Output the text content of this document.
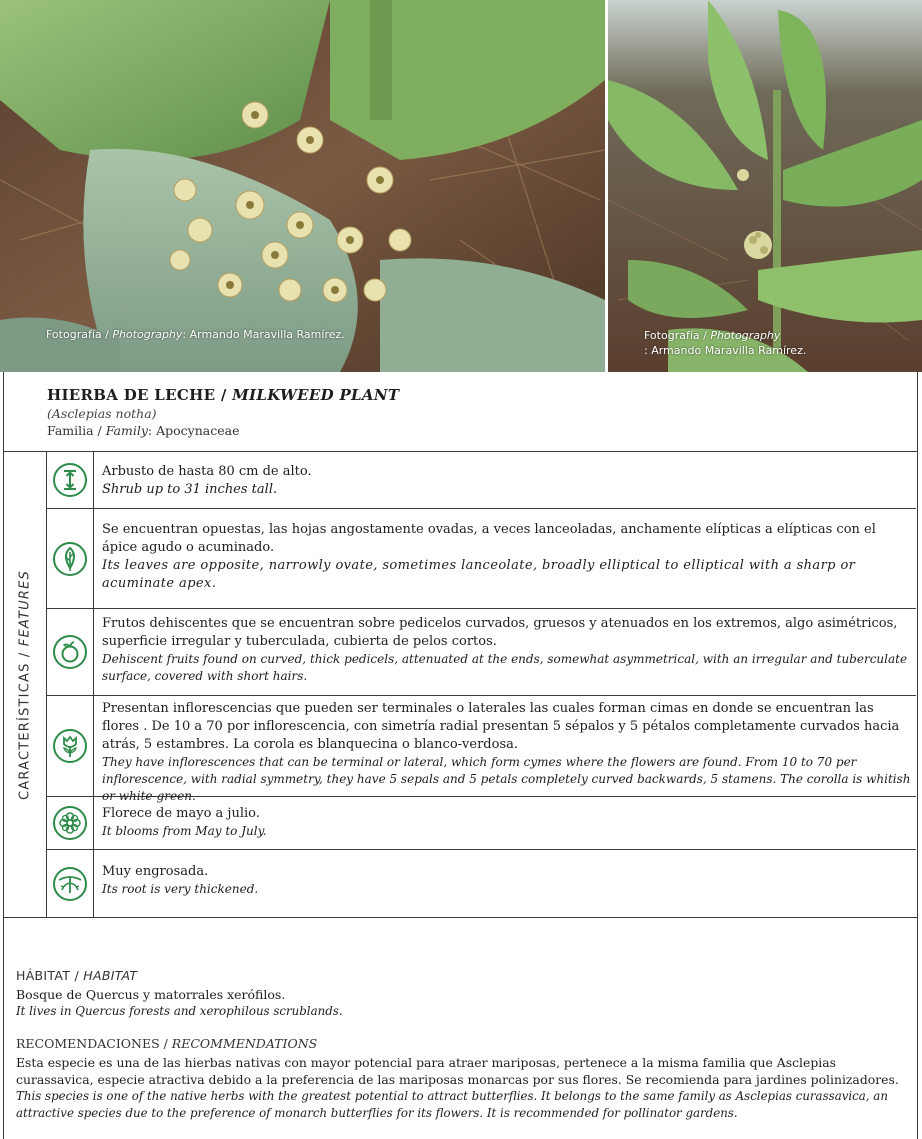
Fotografía / Photography: Armando Maravilla Ramírez.	Fotografía / Photography
: Armando Maravilla Ramírez.
HIERBA DE LECHE / MILKWEED PLANT
(Asclepias notha)
Familia / Family: Apocynaceae
CARACTERÍSTICAS / FEATURES
Arbusto de hasta 80 cm de alto.
Shrub up to 31 inches tall.
Se encuentran opuestas, las hojas angostamente ovadas, a veces lanceoladas, anchamente elípticas a elípticas con el ápice agudo o acuminado.
Its leaves are opposite, narrowly ovate, sometimes lanceolate, broadly elliptical to elliptical with a sharp or acuminate apex.
Frutos dehiscentes que se encuentran sobre pedicelos curvados, gruesos y atenuados en los extremos, algo asimétricos, superficie irregular y tuberculada, cubierta de pelos cortos.
Dehiscent fruits found on curved, thick pedicels, attenuated at the ends, somewhat asymmetrical, with an irregular and tuberculate surface, covered with short hairs.
Presentan inflorescencias que pueden ser terminales o laterales las cuales forman cimas en donde se encuentran las flores . De 10 a 70 por inflorescencia, con simetría radial presentan 5 sépalos y 5 pétalos completamente curvados hacia atrás, 5 estambres. La corola es blanquecina o blanco-verdosa.
They have inflorescences that can be terminal or lateral, which form cymes where the flowers are found. From 10 to 70 per inflorescence, with radial symmetry, they have 5 sepals and 5 petals completely curved backwards, 5 stamens. The corolla is whitish or white-green.
Florece de mayo a julio.
It blooms from May to July.
Muy engrosada.
Its root is very thickened.
HÁBITAT / HABITAT
Bosque de Quercus y matorrales xerófilos.
It lives in Quercus forests and xerophilous scrublands.
RECOMENDACIONES / RECOMMENDATIONS
Esta especie es una de las hierbas nativas con mayor potencial para atraer mariposas, pertenece a la misma familia que Asclepias curassavica, especie atractiva debido a la preferencia de las mariposas monarcas por sus flores. Se recomienda para jardines polinizadores.
This species is one of the native herbs with the greatest potential to attract butterflies. It belongs to the same family as Asclepias curassavica, an attractive species due to the preference of monarch butterflies for its flowers. It is recommended for pollinator gardens.
